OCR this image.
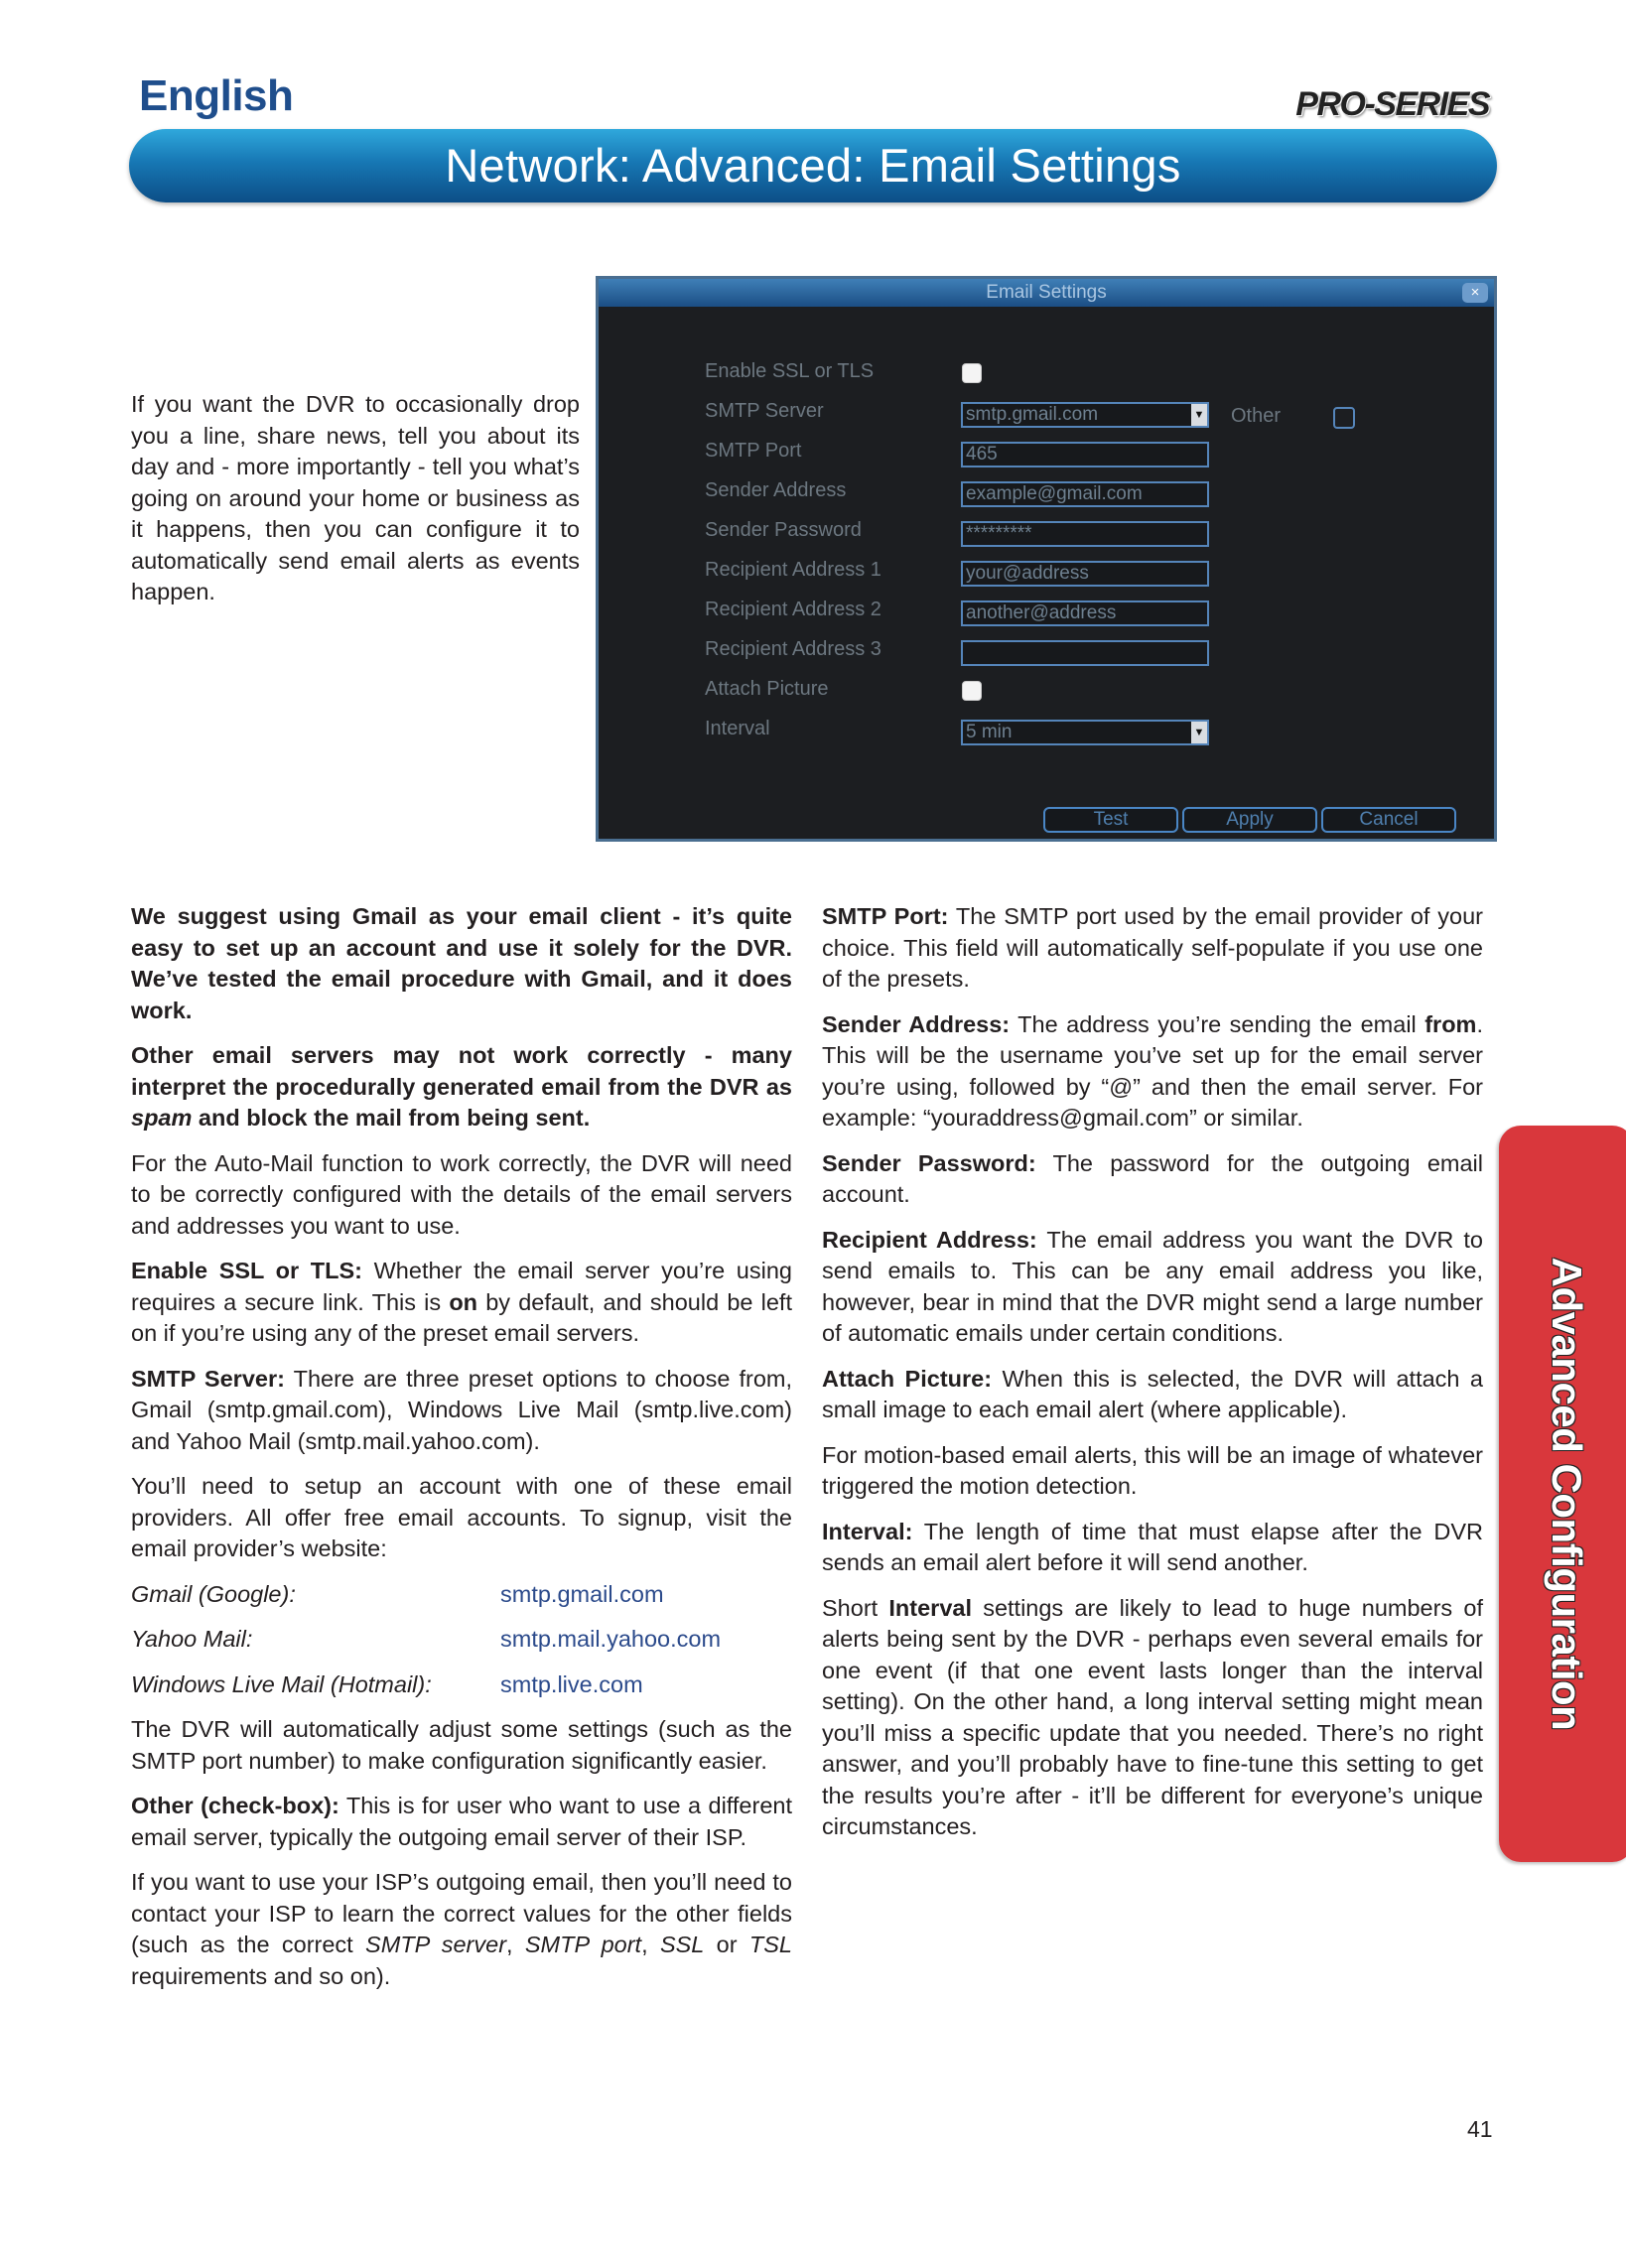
English	PRO-SERIES
Network: Advanced: Email Settings

If you want the DVR to occasionally drop you a line, share news, tell you about its day and - more importantly - tell you what’s going on around your home or business as it happens, then you can configure it to automatically send email alerts as events happen.

Email Settings	×
Enable SSL or TLS
SMTP Server	smtp.gmail.com	▼ Other
SMTP Port	465
Sender Address	example@gmail.com
Sender Password	*********
Recipient Address 1	your@address
Recipient Address 2	another@address
Recipient Address 3
Attach Picture
Interval	5 min	▼
Test	Apply	Cancel

We suggest using Gmail as your email client - it’s quite easy to set up an account and use it solely for the DVR. We’ve tested the email procedure with Gmail, and it does work.

Other email servers may not work correctly - many interpret the procedurally generated email from the DVR as spam and block the mail from being sent.

For the Auto-Mail function to work correctly, the DVR will need to be correctly configured with the details of the email servers and addresses you want to use.

Enable SSL or TLS: Whether the email server you’re using requires a secure link. This is on by default, and should be left on if you’re using any of the preset email servers.

SMTP Server: There are three preset options to choose from, Gmail (smtp.gmail.com), Windows Live Mail (smtp.live.com) and Yahoo Mail (smtp.mail.yahoo.com).

You’ll need to setup an account with one of these email providers. All offer free email accounts. To signup, visit the email provider’s website:

Gmail (Google):	smtp.gmail.com
Yahoo Mail:	smtp.mail.yahoo.com
Windows Live Mail (Hotmail):	smtp.live.com

The DVR will automatically adjust some settings (such as the SMTP port number) to make configuration significantly easier.

Other (check-box): This is for user who want to use a different email server, typically the outgoing email server of their ISP.

If you want to use your ISP’s outgoing email, then you’ll need to contact your ISP to learn the correct values for the other fields (such as the correct SMTP server, SMTP port, SSL or TSL requirements and so on).

SMTP Port: The SMTP port used by the email provider of your choice. This field will automatically self-populate if you use one of the presets.

Sender Address: The address you’re sending the email from. This will be the username you’ve set up for the email server you’re using, followed by “@” and then the email server. For example: “youraddress@gmail.com” or similar.

Sender Password: The password for the outgoing email account.

Recipient Address: The email address you want the DVR to send emails to. This can be any email address you like, however, bear in mind that the DVR might send a large number of automatic emails under certain conditions.

Attach Picture: When this is selected, the DVR will attach a small image to each email alert (where applicable).

For motion-based email alerts, this will be an image of whatever triggered the motion detection.

Interval: The length of time that must elapse after the DVR sends an email alert before it will send another.

Short Interval settings are likely to lead to huge numbers of alerts being sent by the DVR - perhaps even several emails for one event (if that one event lasts longer than the interval setting). On the other hand, a long interval setting might mean you’ll miss a specific update that you needed. There’s no right answer, and you’ll probably have to fine-tune this setting to get the results you’re after - it’ll be different for everyone’s unique circumstances.

Advanced Configuration
41
